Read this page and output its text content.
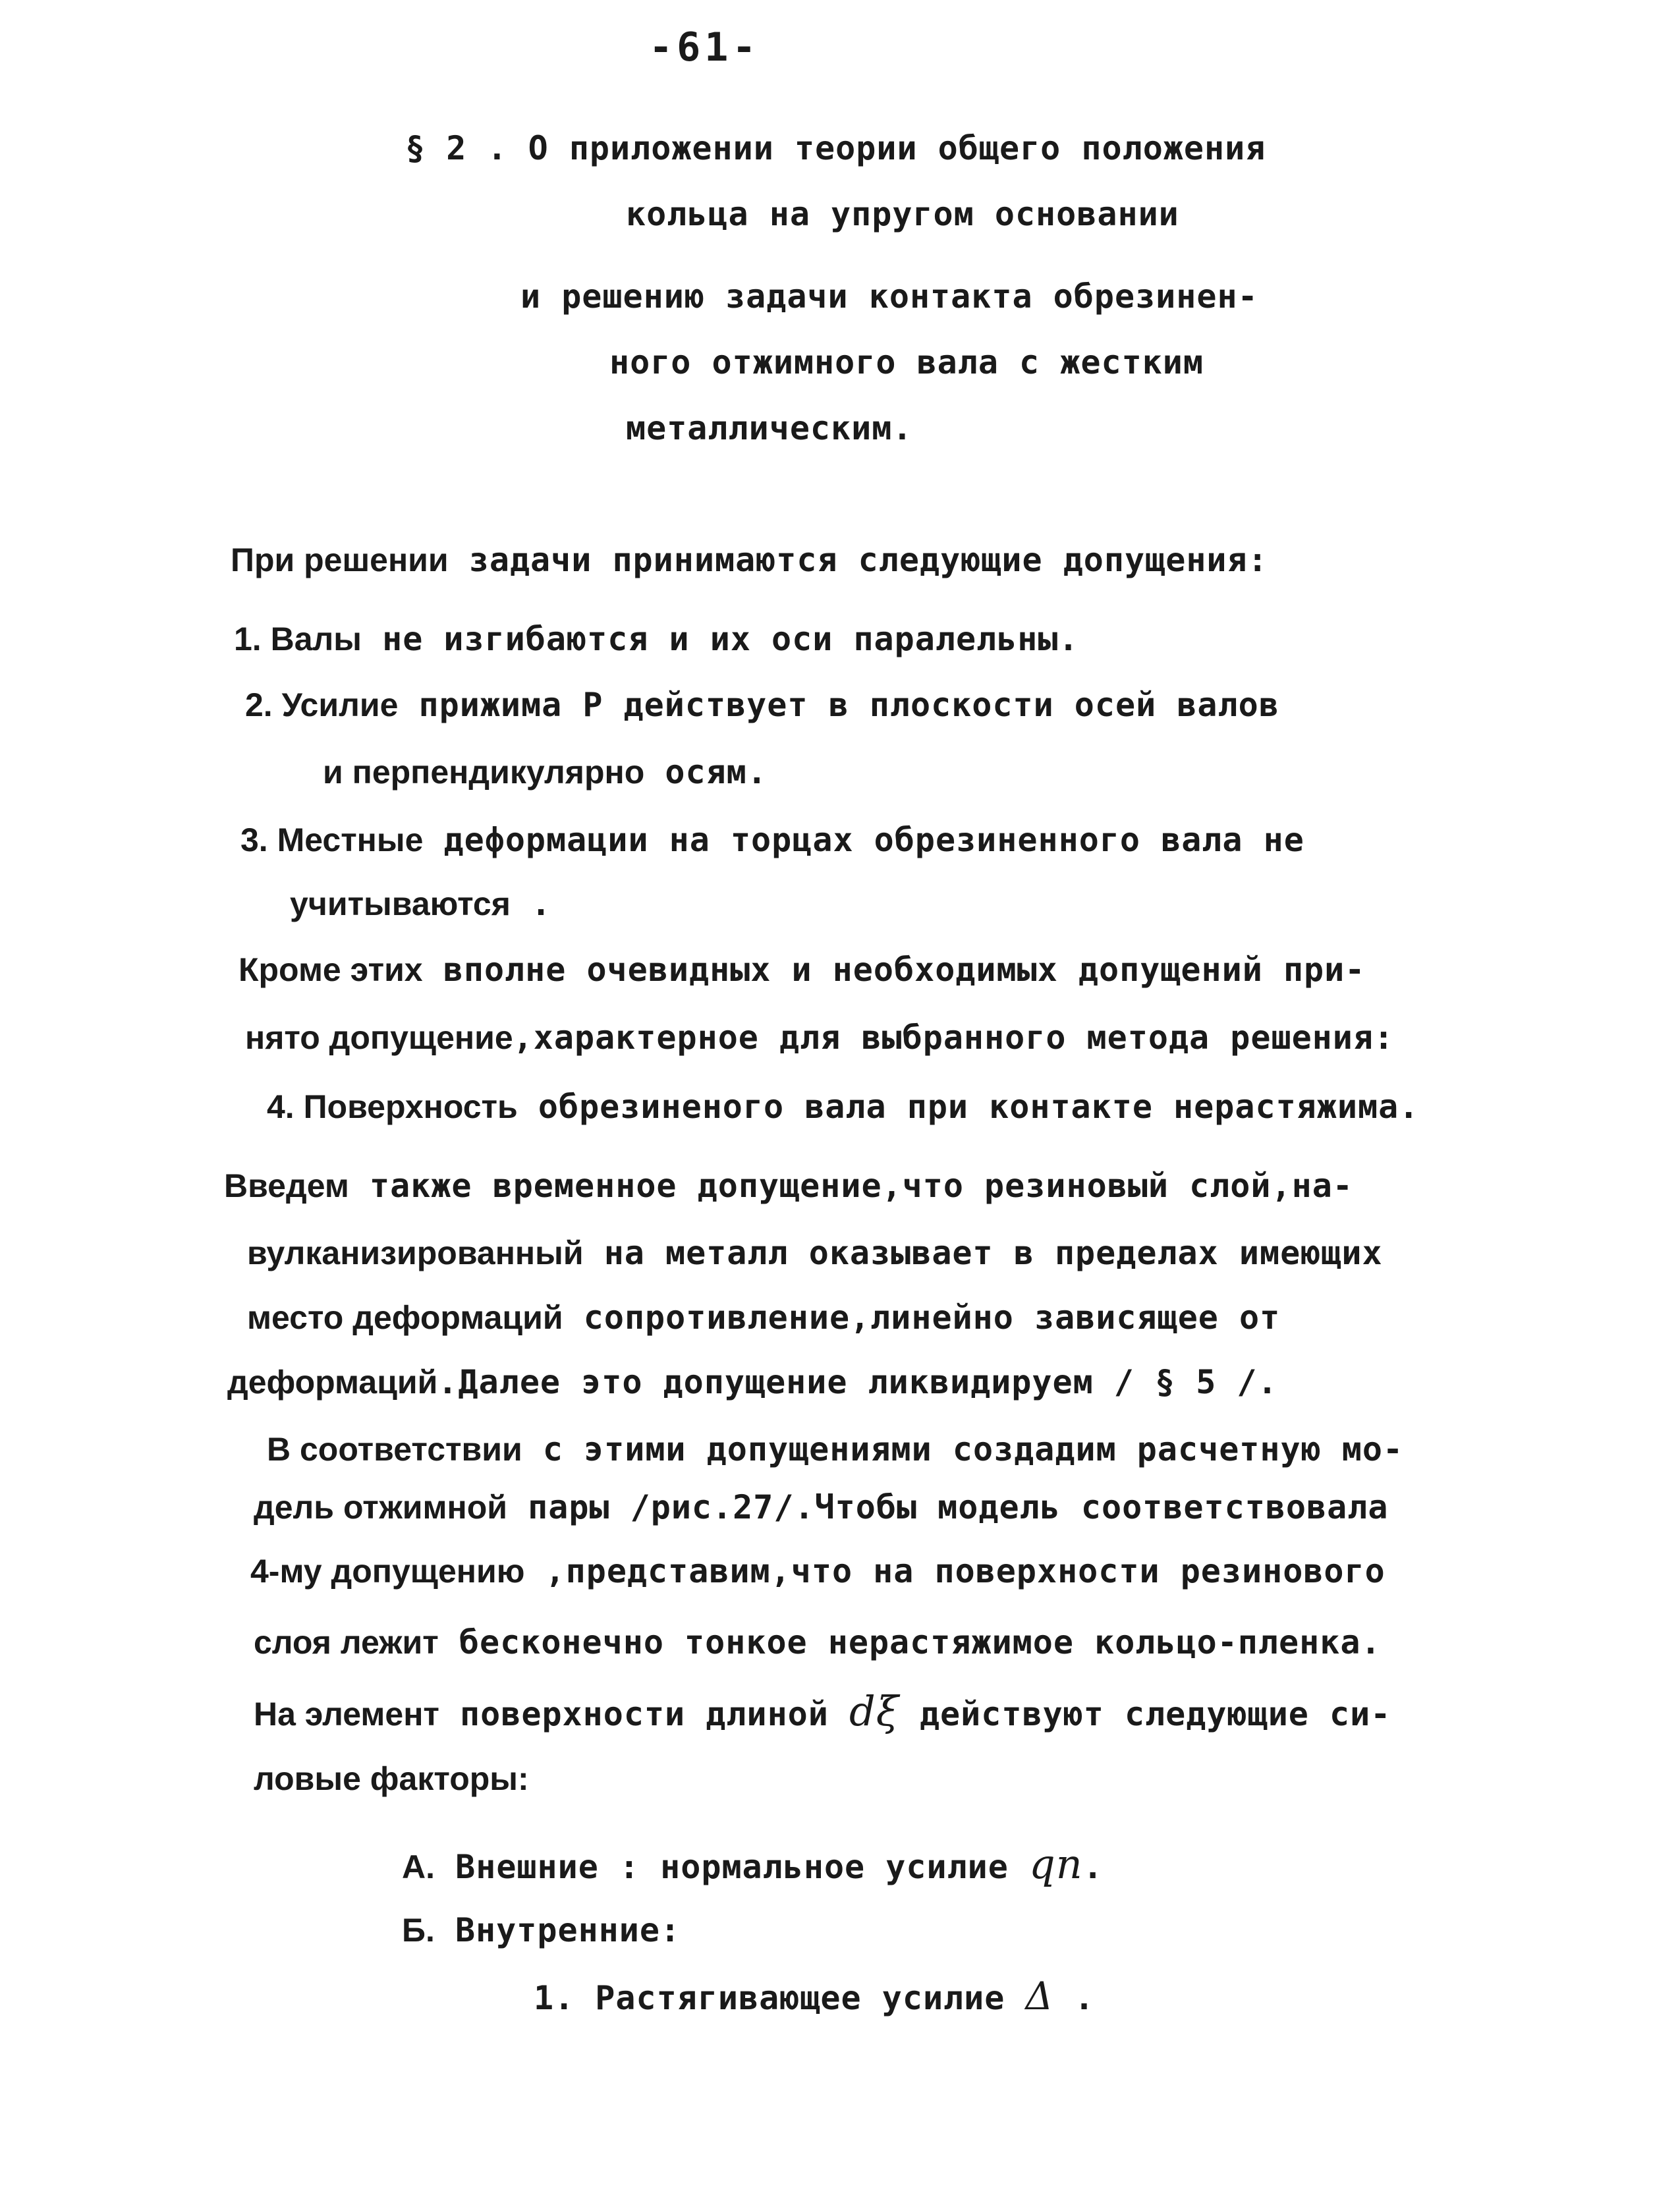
-61-
§ 2 . О приложении теории общего положения
кольца на упругом основании
и решению задачи контакта обрезинен-
ного отжимного вала с жестким
металлическим.
При решении задачи принимаются следующие допущения:
1. Валы не изгибаются и их оси паралельны.
2. Усилие прижима Р действует в плоскости осей валов
и перпендикулярно осям.
3. Местные деформации на торцах обрезиненного вала не
учитываются .
Кроме этих вполне очевидных и необходимых допущений при-
нято допущение,характерное для выбранного метода решения:
4. Поверхность обрезиненого вала при контакте нерастяжима.
Введем также временное допущение,что резиновый слой,на-
вулканизированный на металл оказывает в пределах имеющих
место деформаций сопротивление,линейно зависящее от
деформаций.Далее это допущение ликвидируем / § 5 /.
В соответствии с этими допущениями создадим расчетную мо-
дель отжимной пары /рис.27/.Чтобы модель соответствовала
4-му допущению ,представим,что на поверхности резинового
слоя лежит бесконечно тонкое нерастяжимое кольцо-пленка.
На элемент поверхности длиной dξ действуют следующие си-
ловые факторы:
А. Внешние : нормальное усилие qn.
Б. Внутренние:
1. Растягивающее усилие Δ .
